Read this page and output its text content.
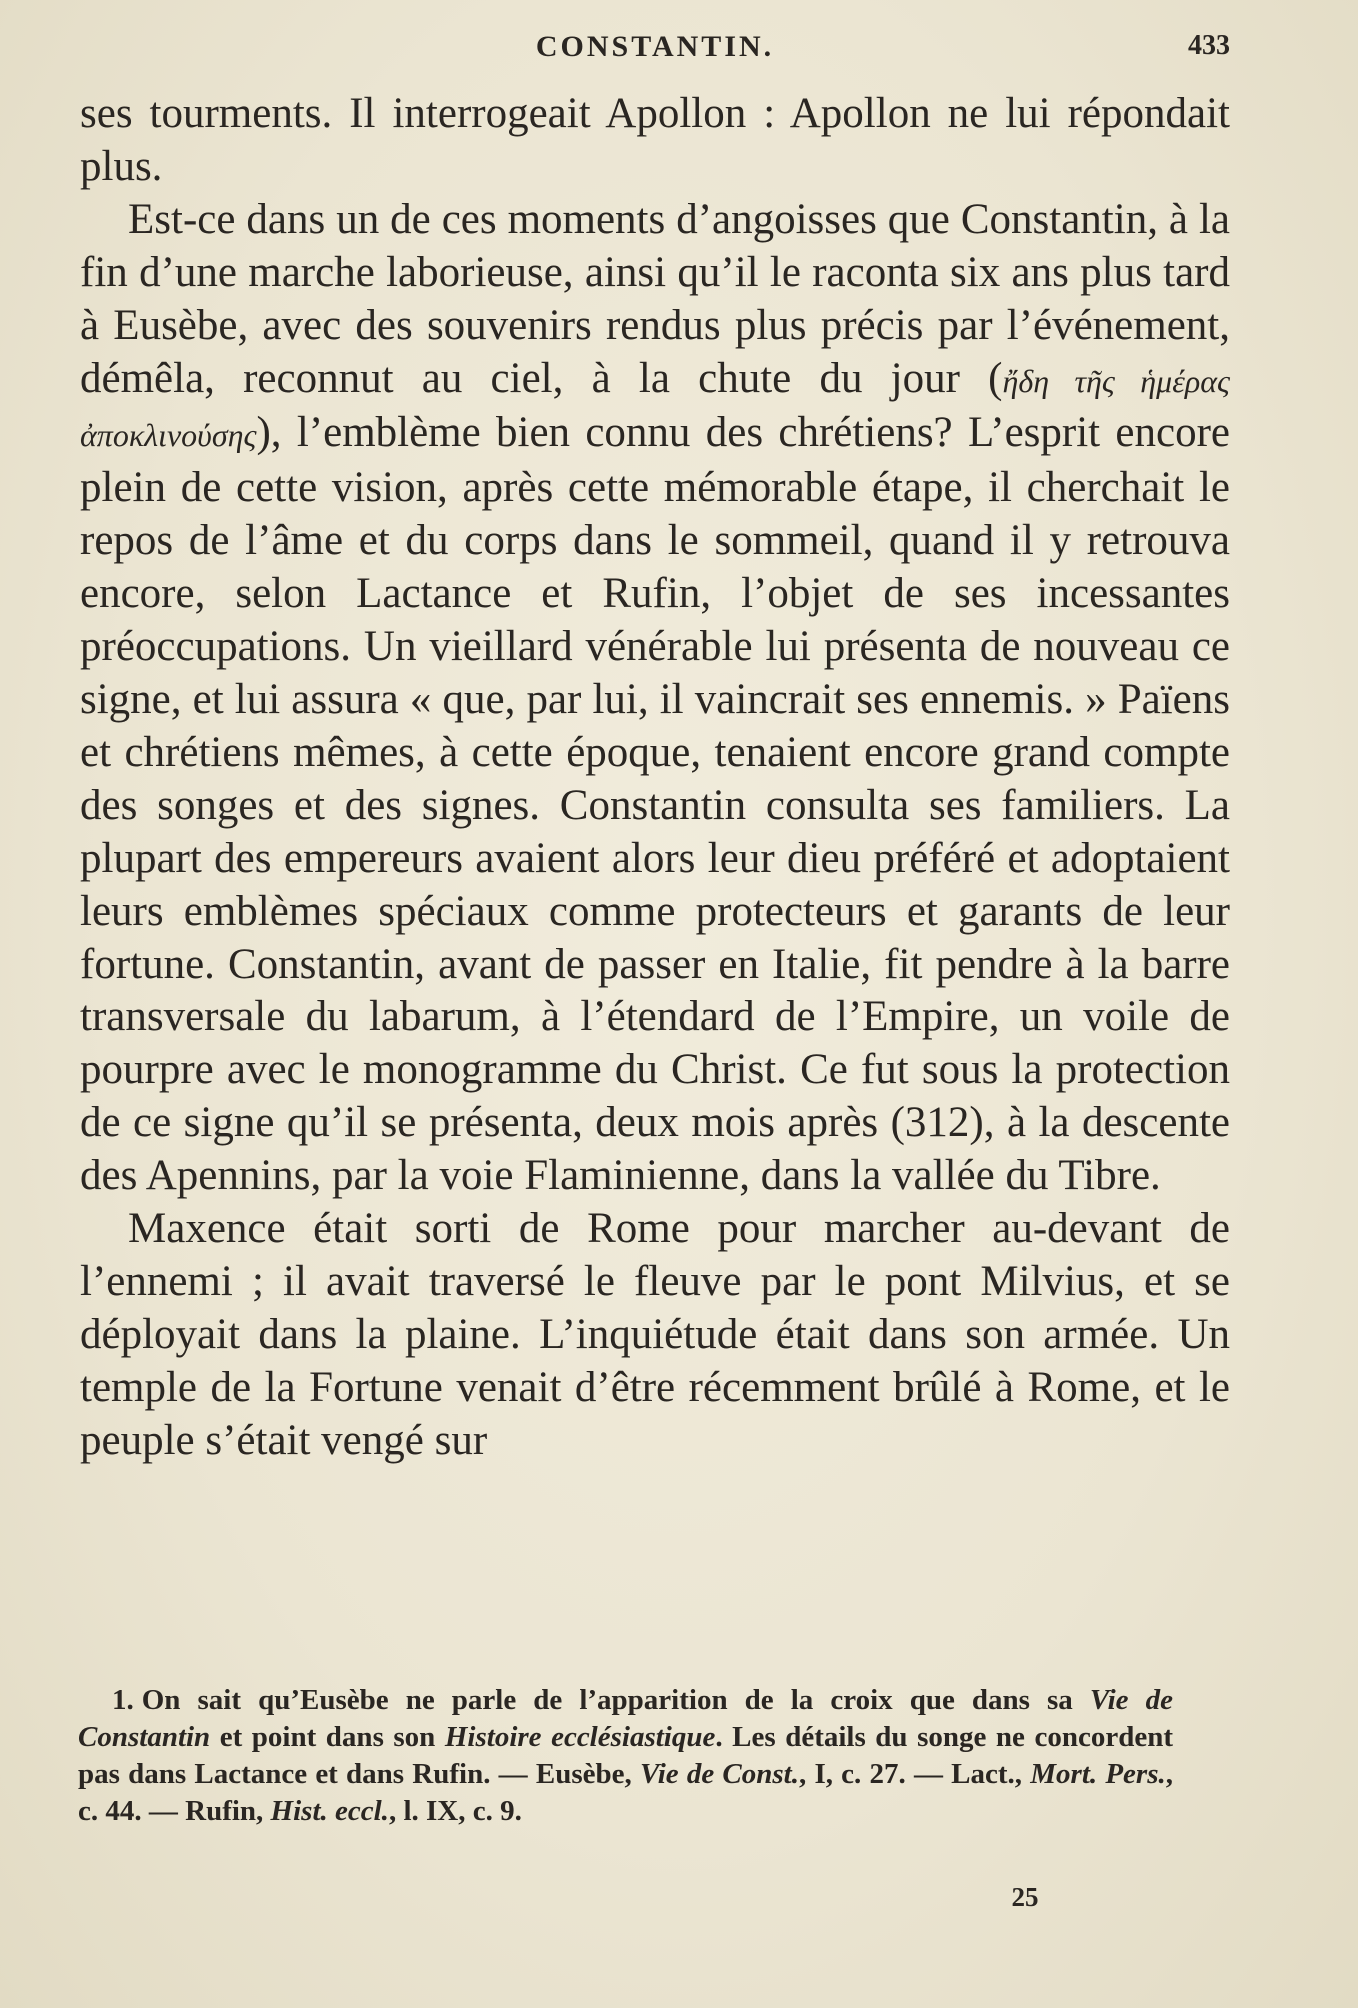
CONSTANTIN.	433

ses tourments. Il interrogeait Apollon : Apollon ne lui répondait plus.

Est-ce dans un de ces moments d’angoisses que Constantin, à la fin d’une marche laborieuse, ainsi qu’il le raconta six ans plus tard à Eusèbe, avec des souvenirs rendus plus précis par l’événement, démêla, reconnut au ciel, à la chute du jour (ἤδη τῆς ἡμέρας ἀποκλινούσης), l’emblème bien connu des chrétiens? L’esprit encore plein de cette vision, après cette mémorable étape, il cherchait le repos de l’âme et du corps dans le sommeil, quand il y retrouva encore, selon Lactance et Rufin, l’objet de ses incessantes préoccupations. Un vieillard vénérable lui présenta de nouveau ce signe, et lui assura « que, par lui, il vaincrait ses ennemis. » Païens et chrétiens mêmes, à cette époque, tenaient encore grand compte des songes et des signes. Constantin consulta ses familiers. La plupart des empereurs avaient alors leur dieu préféré et adoptaient leurs emblèmes spéciaux comme protecteurs et garants de leur fortune. Constantin, avant de passer en Italie, fit pendre à la barre transversale du labarum, à l’étendard de l’Empire, un voile de pourpre avec le monogramme du Christ. Ce fut sous la protection de ce signe qu’il se présenta, deux mois après (312), à la descente des Apennins, par la voie Flaminienne, dans la vallée du Tibre.

Maxence était sorti de Rome pour marcher au-devant de l’ennemi ; il avait traversé le fleuve par le pont Milvius, et se déployait dans la plaine. L’inquiétude était dans son armée. Un temple de la Fortune venait d’être récemment brûlé à Rome, et le peuple s’était vengé sur

1. On sait qu’Eusèbe ne parle de l’apparition de la croix que dans sa Vie de Constantin et point dans son Histoire ecclésiastique. Les détails du songe ne concordent pas dans Lactance et dans Rufin. — Eusèbe, Vie de Const., I, c. 27. — Lact., Mort. Pers., c. 44. — Rufin, Hist. eccl., l. IX, c. 9.

25
